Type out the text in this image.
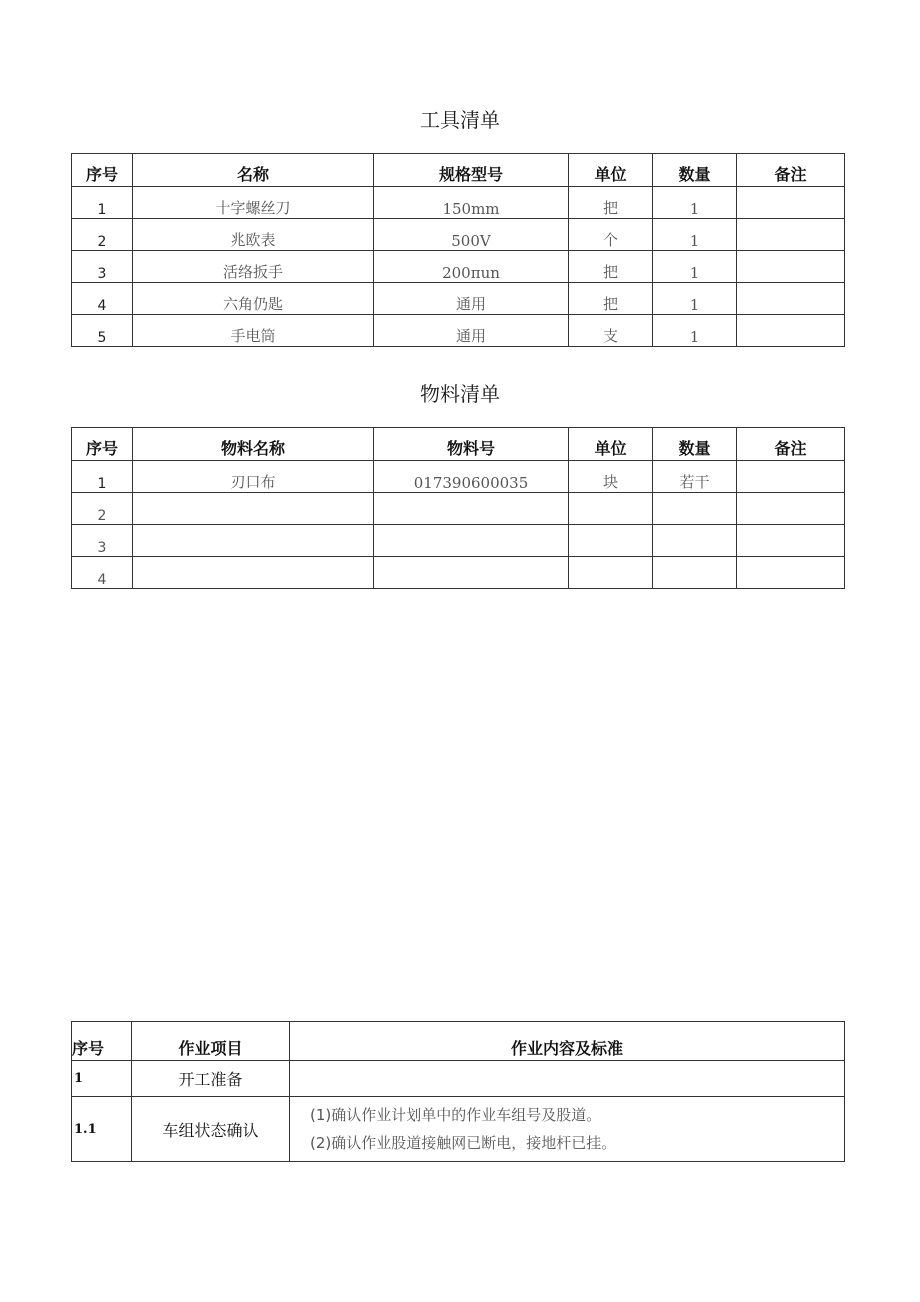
工具清单
序号	名称	规格型号	单位	数量	备注
1	十字螺丝刀	150mm	把	1	
2	兆欧表	500V	个	1	
3	活络扳手	200πun	把	1	
4	六角仍匙	通用	把	1	
5	手电筒	通用	支	1	
物料清单
序号	物料名称	物料号	单位	数量	备注
1	刃口布	017390600035	块	若干	
2					
3					
4					
序号	作业项目	作业内容及标准
1	开工准备	
1.1	车组状态确认	(1)确认作业计划单中的作业车组号及股道。
(2)确认作业股道接触网已断电，接地杆已挂。
